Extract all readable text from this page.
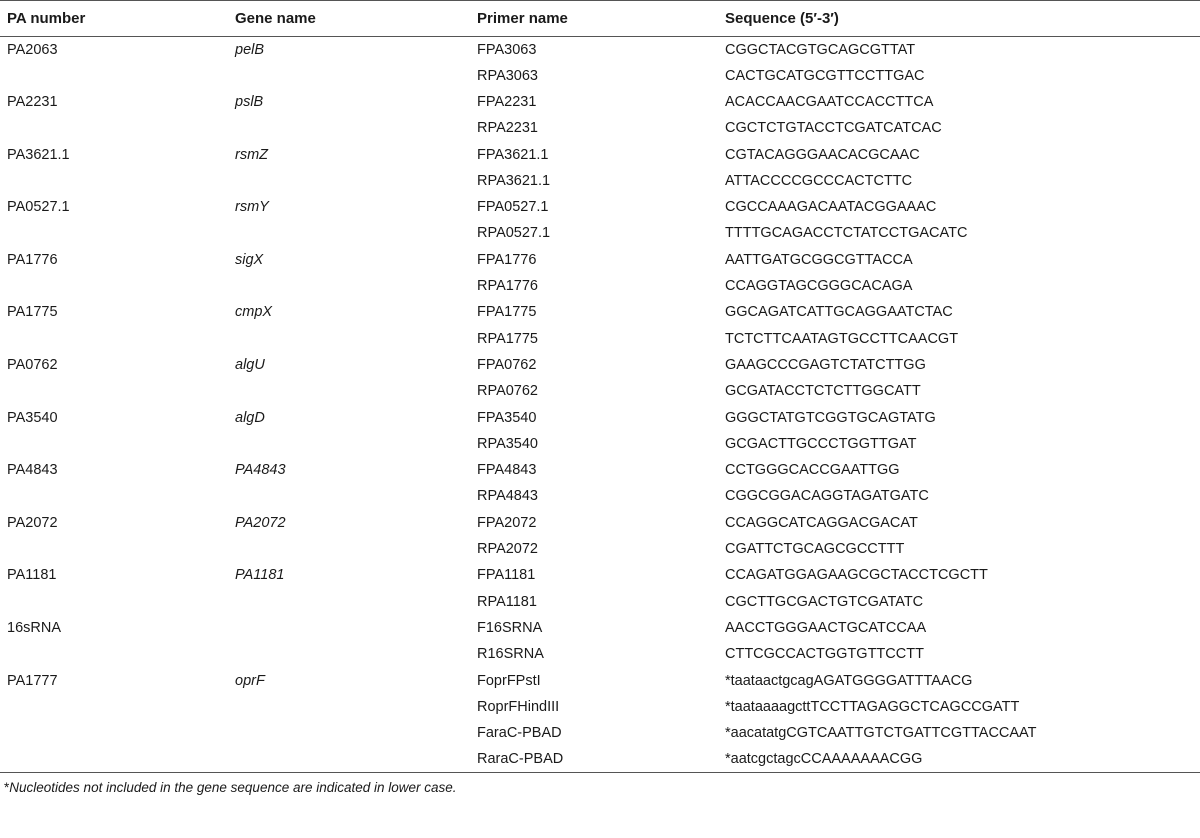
PA number	Gene name	Primer name	Sequence (5′-3′)
PA2063	pelB	FPA3063	CGGCTACGTGCAGCGTTAT
		RPA3063	CACTGCATGCGTTCCTTGAC
PA2231	pslB	FPA2231	ACACCAACGAATCCACCTTCA
		RPA2231	CGCTCTGTACCTCGATCATCAC
PA3621.1	rsmZ	FPA3621.1	CGTACAGGGAACACGCAAC
		RPA3621.1	ATTACCCCGCCCACTCTTC
PA0527.1	rsmY	FPA0527.1	CGCCAAAGACAATACGGAAAC
		RPA0527.1	TTTTGCAGACCTCTATCCTGACATC
PA1776	sigX	FPA1776	AATTGATGCGGCGTTACCA
		RPA1776	CCAGGTAGCGGGCACAGA
PA1775	cmpX	FPA1775	GGCAGATCATTGCAGGAATCTAC
		RPA1775	TCTCTTCAATAGTGCCTTCAACGT
PA0762	algU	FPA0762	GAAGCCCGAGTCTATCTTGG
		RPA0762	GCGATACCTCTCTTGGCATT
PA3540	algD	FPA3540	GGGCTATGTCGGTGCAGTATG
		RPA3540	GCGACTTGCCCTGGTTGAT
PA4843	PA4843	FPA4843	CCTGGGCACCGAATTGG
		RPA4843	CGGCGGACAGGTAGATGATC
PA2072	PA2072	FPA2072	CCAGGCATCAGGACGACAT
		RPA2072	CGATTCTGCAGCGCCTTT
PA1181	PA1181	FPA1181	CCAGATGGAGAAGCGCTACCTCGCTT
		RPA1181	CGCTTGCGACTGTCGATATC
16sRNA		F16SRNA	AACCTGGGAACTGCATCCAA
		R16SRNA	CTTCGCCACTGGTGTTCCTT
PA1777	oprF	FoprFPstI	*taataactgcagAGATGGGGATTTAACG
		RoprFHindIII	*taataaaagcttTCCTTAGAGGCTCAGCCGATT
		FaraC-PBAD	*aacatatgCGTCAATTGTCTGATTCGTTACCAAT
		RaraC-PBAD	*aatcgctagcCCAAAAAAACGG
*Nucleotides not included in the gene sequence are indicated in lower case.
